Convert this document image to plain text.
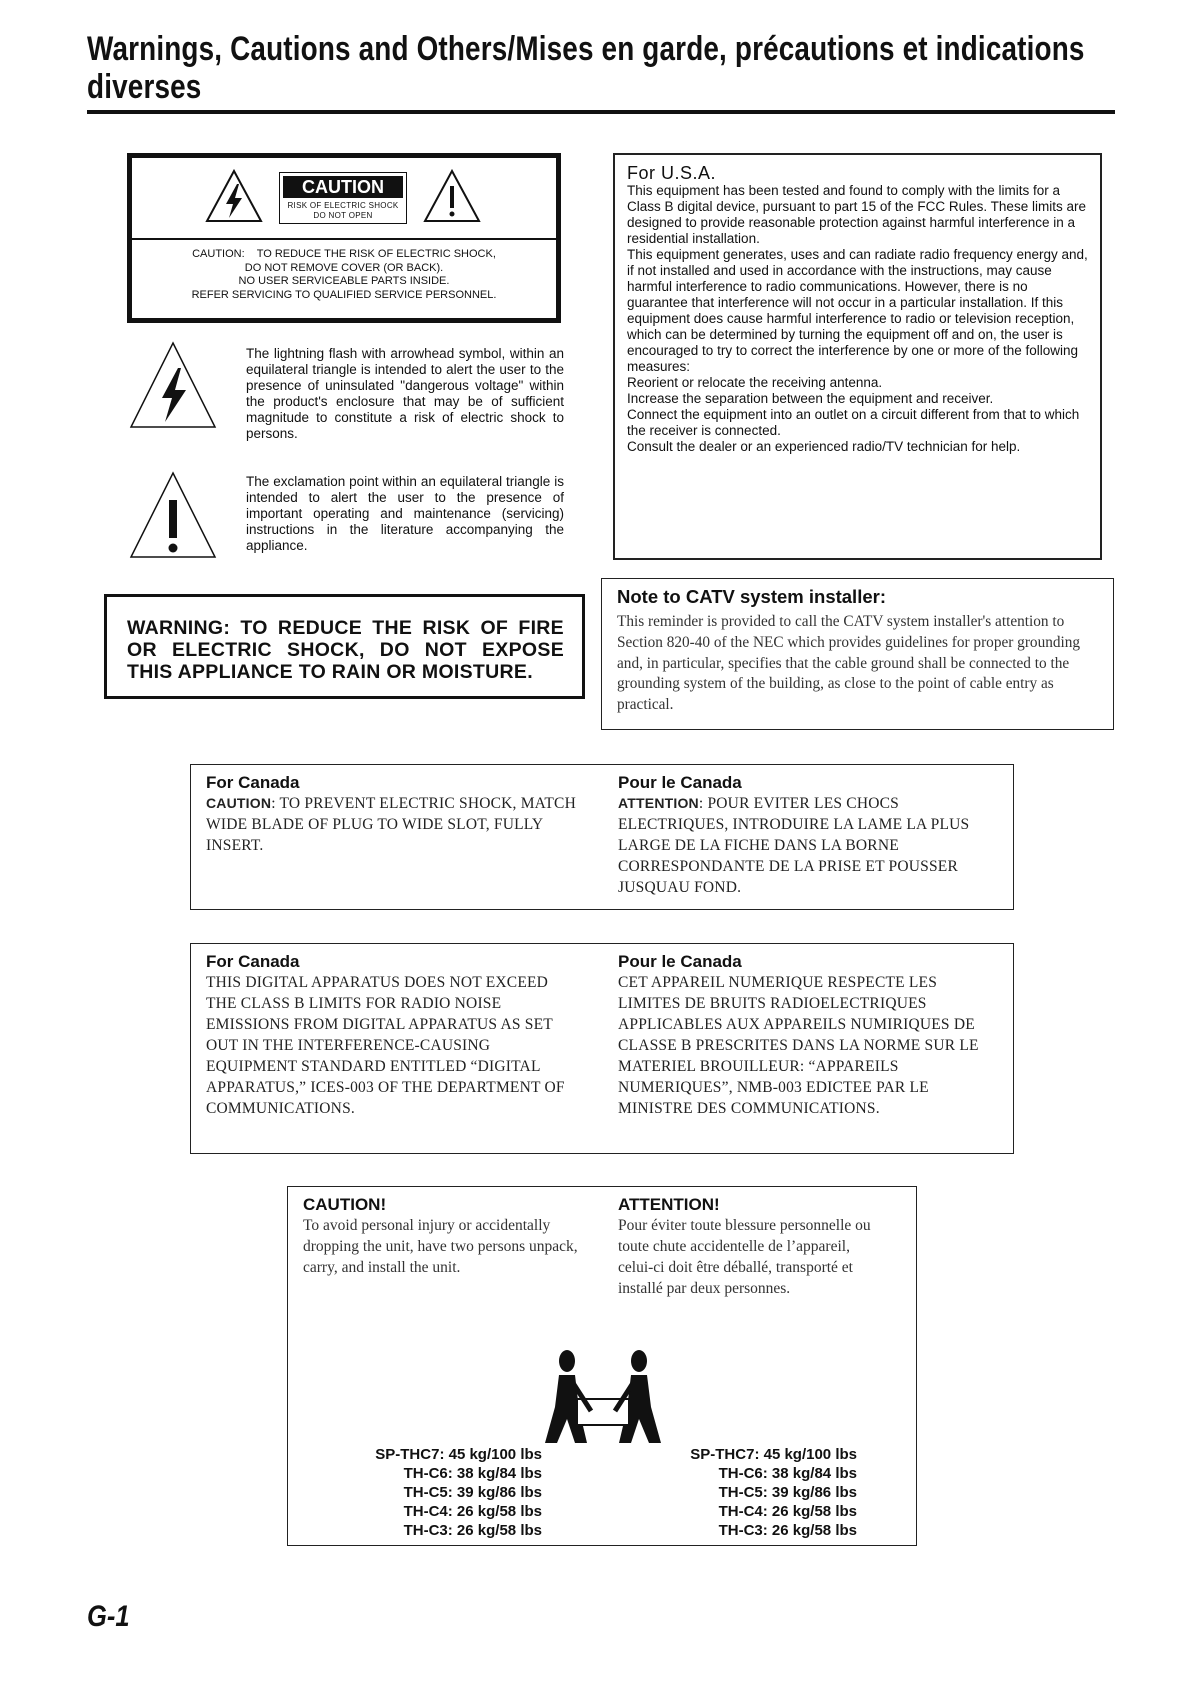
Warnings, Cautions and Others/Mises en garde, précautions et indications diverses
CAUTION
RISK OF ELECTRIC SHOCK
DO NOT OPEN
CAUTION:    TO REDUCE THE RISK OF ELECTRIC SHOCK,
DO NOT REMOVE COVER (OR BACK).
NO USER SERVICEABLE PARTS INSIDE.
REFER SERVICING TO QUALIFIED SERVICE PERSONNEL.
The lightning flash with arrowhead symbol, within an equilateral triangle is intended to alert the user to the presence of uninsulated "dangerous voltage" within the product's enclosure that may be of sufficient magnitude to constitute a risk of electric shock to persons.
The exclamation point within an equilateral triangle is intended to alert the user to the presence of important operating and maintenance (servicing) instructions in the literature accompanying the appliance.
WARNING: TO REDUCE THE RISK OF FIRE OR ELECTRIC SHOCK, DO NOT EXPOSE THIS APPLIANCE TO RAIN OR MOISTURE.
For U.S.A.
This equipment has been tested and found to comply with the limits for a Class B digital device, pursuant to part 15 of the FCC Rules. These limits are designed to provide reasonable protection against harmful interference in a residential installation.
This equipment generates, uses and can radiate radio frequency energy and, if not installed and used in accordance with the instructions, may cause harmful interference to radio communications. However, there is no guarantee that interference will not occur in a particular installation. If this equipment does cause harmful interference to radio or television reception, which can be determined by turning the equipment off and on, the user is encouraged to try to correct the interference by one or more of the following measures:
Reorient or relocate the receiving antenna.
Increase the separation between the equipment and receiver.
Connect the equipment into an outlet on a circuit different from that to which the receiver is connected.
Consult the dealer or an experienced radio/TV technician for help.
Note to CATV system installer:
This reminder is provided to call the CATV system installer's attention to Section 820-40 of the NEC which provides guidelines for proper grounding and, in particular, specifies that the cable ground shall be connected to the grounding system of the building, as close to the point of cable entry as practical.
For Canada
CAUTION: TO PREVENT ELECTRIC SHOCK, MATCH WIDE BLADE OF PLUG TO WIDE SLOT, FULLY INSERT.
Pour le Canada
ATTENTION: POUR EVITER LES CHOCS ELECTRIQUES, INTRODUIRE LA LAME LA PLUS LARGE DE LA FICHE DANS LA BORNE CORRESPONDANTE DE LA PRISE ET POUSSER JUSQUAU FOND.
For Canada
THIS DIGITAL APPARATUS DOES NOT EXCEED THE CLASS B LIMITS FOR RADIO NOISE EMISSIONS FROM DIGITAL APPARATUS AS SET OUT IN THE INTERFERENCE-CAUSING EQUIPMENT STANDARD ENTITLED “DIGITAL APPARATUS,” ICES-003 OF THE DEPARTMENT OF COMMUNICATIONS.
Pour le Canada
CET APPAREIL NUMERIQUE RESPECTE LES LIMITES DE BRUITS RADIOELECTRIQUES APPLICABLES AUX APPAREILS NUMIRIQUES DE CLASSE B PRESCRITES DANS LA NORME SUR LE MATERIEL BROUILLEUR: “APPAREILS NUMERIQUES”, NMB-003 EDICTEE PAR LE MINISTRE DES COMMUNICATIONS.
CAUTION!
To avoid personal injury or accidentally dropping the unit, have two persons unpack, carry, and install the unit.
ATTENTION!
Pour éviter toute blessure personnelle ou toute chute accidentelle de l’appareil, celui-ci doit être déballé, transporté et installé par deux personnes.
SP-THC7: 45 kg/100 lbs
TH-C6: 38 kg/84 lbs
TH-C5: 39 kg/86 lbs
TH-C4: 26 kg/58 lbs
TH-C3: 26 kg/58 lbs
SP-THC7: 45 kg/100 lbs
TH-C6: 38 kg/84 lbs
TH-C5: 39 kg/86 lbs
TH-C4: 26 kg/58 lbs
TH-C3: 26 kg/58 lbs
G-1
